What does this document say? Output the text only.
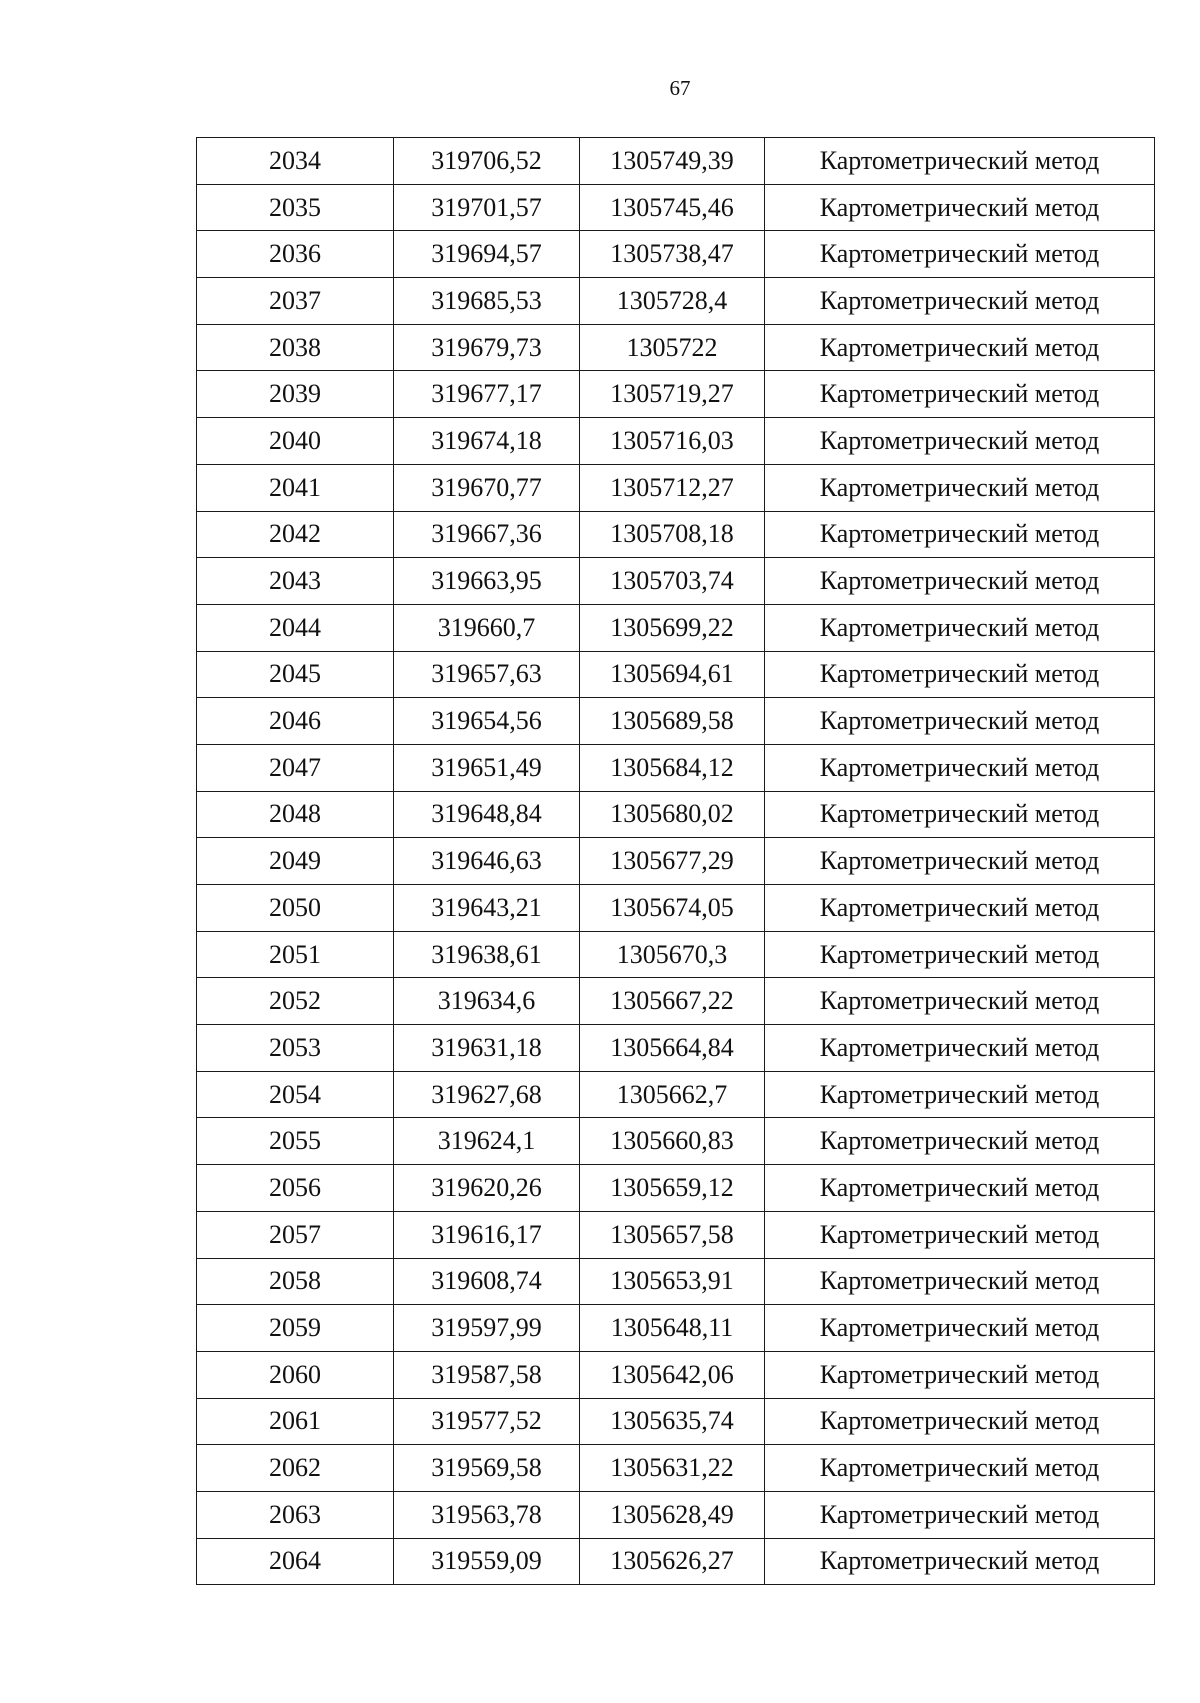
67
2034	319706,52	1305749,39	Картометрический метод
2035	319701,57	1305745,46	Картометрический метод
2036	319694,57	1305738,47	Картометрический метод
2037	319685,53	1305728,4	Картометрический метод
2038	319679,73	1305722	Картометрический метод
2039	319677,17	1305719,27	Картометрический метод
2040	319674,18	1305716,03	Картометрический метод
2041	319670,77	1305712,27	Картометрический метод
2042	319667,36	1305708,18	Картометрический метод
2043	319663,95	1305703,74	Картометрический метод
2044	319660,7	1305699,22	Картометрический метод
2045	319657,63	1305694,61	Картометрический метод
2046	319654,56	1305689,58	Картометрический метод
2047	319651,49	1305684,12	Картометрический метод
2048	319648,84	1305680,02	Картометрический метод
2049	319646,63	1305677,29	Картометрический метод
2050	319643,21	1305674,05	Картометрический метод
2051	319638,61	1305670,3	Картометрический метод
2052	319634,6	1305667,22	Картометрический метод
2053	319631,18	1305664,84	Картометрический метод
2054	319627,68	1305662,7	Картометрический метод
2055	319624,1	1305660,83	Картометрический метод
2056	319620,26	1305659,12	Картометрический метод
2057	319616,17	1305657,58	Картометрический метод
2058	319608,74	1305653,91	Картометрический метод
2059	319597,99	1305648,11	Картометрический метод
2060	319587,58	1305642,06	Картометрический метод
2061	319577,52	1305635,74	Картометрический метод
2062	319569,58	1305631,22	Картометрический метод
2063	319563,78	1305628,49	Картометрический метод
2064	319559,09	1305626,27	Картометрический метод
